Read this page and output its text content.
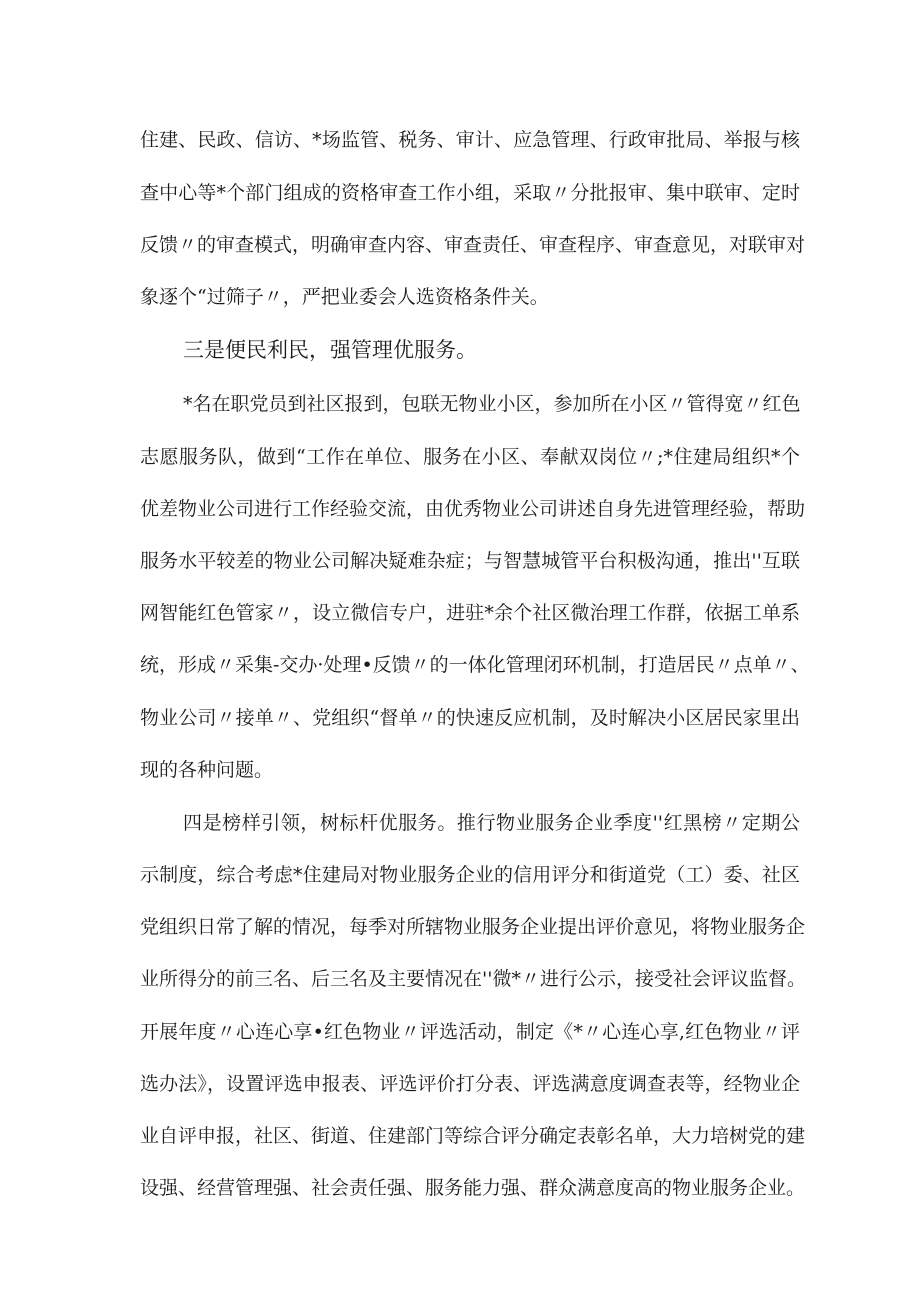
住建、民政、信访、*场监管、税务、审计、应急管理、行政审批局、举报与核

查中心等*个部门组成的资格审查工作小组，采取〃分批报审、集中联审、定时

反馈〃的审查模式，明确审查内容、审查责任、审查程序、审查意见，对联审对

象逐个“过筛子〃，严把业委会人选资格条件关。

三是便民利民，强管理优服务。

*名在职党员到社区报到，包联无物业小区，参加所在小区〃管得宽〃红色

志愿服务队，做到“工作在单位、服务在小区、奉献双岗位〃;*住建局组织*个

优差物业公司进行工作经验交流，由优秀物业公司讲述自身先进管理经验，帮助

服务水平较差的物业公司解决疑难杂症；与智慧城管平台积极沟通，推出''互联

网智能红色管家〃，设立微信专户，进驻*余个社区微治理工作群，依据工单系

统，形成〃采集-交办·处理•反馈〃的一体化管理闭环机制，打造居民〃点单〃、

物业公司〃接单〃、党组织“督单〃的快速反应机制，及时解决小区居民家里出

现的各种问题。

四是榜样引领，树标杆优服务。推行物业服务企业季度''红黑榜〃定期公

示制度，综合考虑*住建局对物业服务企业的信用评分和街道党（工）委、社区

党组织日常了解的情况，每季对所辖物业服务企业提出评价意见，将物业服务企

业所得分的前三名、后三名及主要情况在''微*〃进行公示，接受社会评议监督。

开展年度〃心连心享•红色物业〃评选活动，制定《*〃心连心享,红色物业〃评

选办法》，设置评选申报表、评选评价打分表、评选满意度调查表等，经物业企

业自评申报，社区、街道、住建部门等综合评分确定表彰名单，大力培树党的建

设强、经营管理强、社会责任强、服务能力强、群众满意度高的物业服务企业。
